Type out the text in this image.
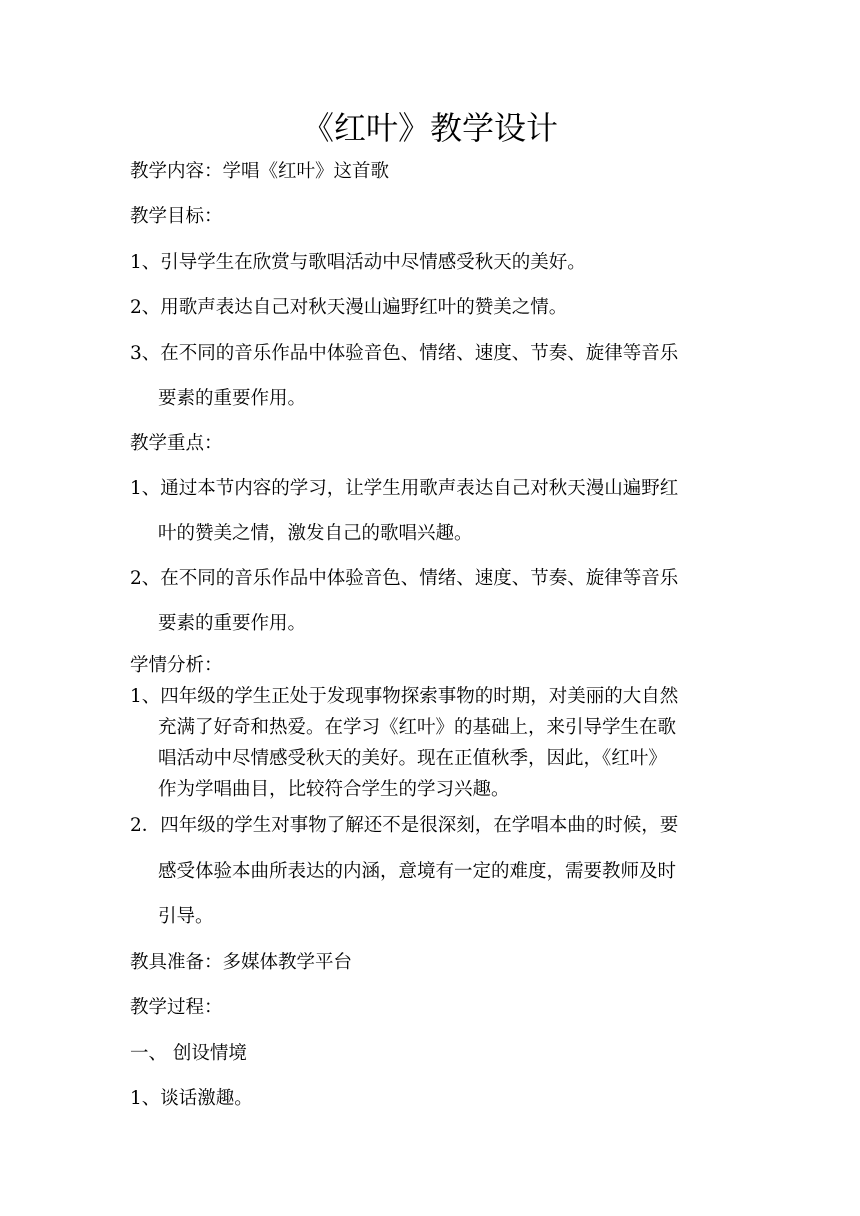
《红叶》教学设计
教学内容：学唱《红叶》这首歌
教学目标：
1、引导学生在欣赏与歌唱活动中尽情感受秋天的美好。
2、用歌声表达自己对秋天漫山遍野红叶的赞美之情。
3、在不同的音乐作品中体验音色、情绪、速度、节奏、旋律等音乐
要素的重要作用。
教学重点：
1、通过本节内容的学习，让学生用歌声表达自己对秋天漫山遍野红
叶的赞美之情，激发自己的歌唱兴趣。
2、在不同的音乐作品中体验音色、情绪、速度、节奏、旋律等音乐
要素的重要作用。
学情分析：
1、四年级的学生正处于发现事物探索事物的时期，对美丽的大自然
充满了好奇和热爱。在学习《红叶》的基础上，来引导学生在歌
唱活动中尽情感受秋天的美好。现在正值秋季，因此，《红叶》
作为学唱曲目，比较符合学生的学习兴趣。
2．四年级的学生对事物了解还不是很深刻，在学唱本曲的时候，要
感受体验本曲所表达的内涵，意境有一定的难度，需要教师及时
引导。
教具准备：多媒体教学平台
教学过程：
一、 创设情境
1、谈话激趣。
